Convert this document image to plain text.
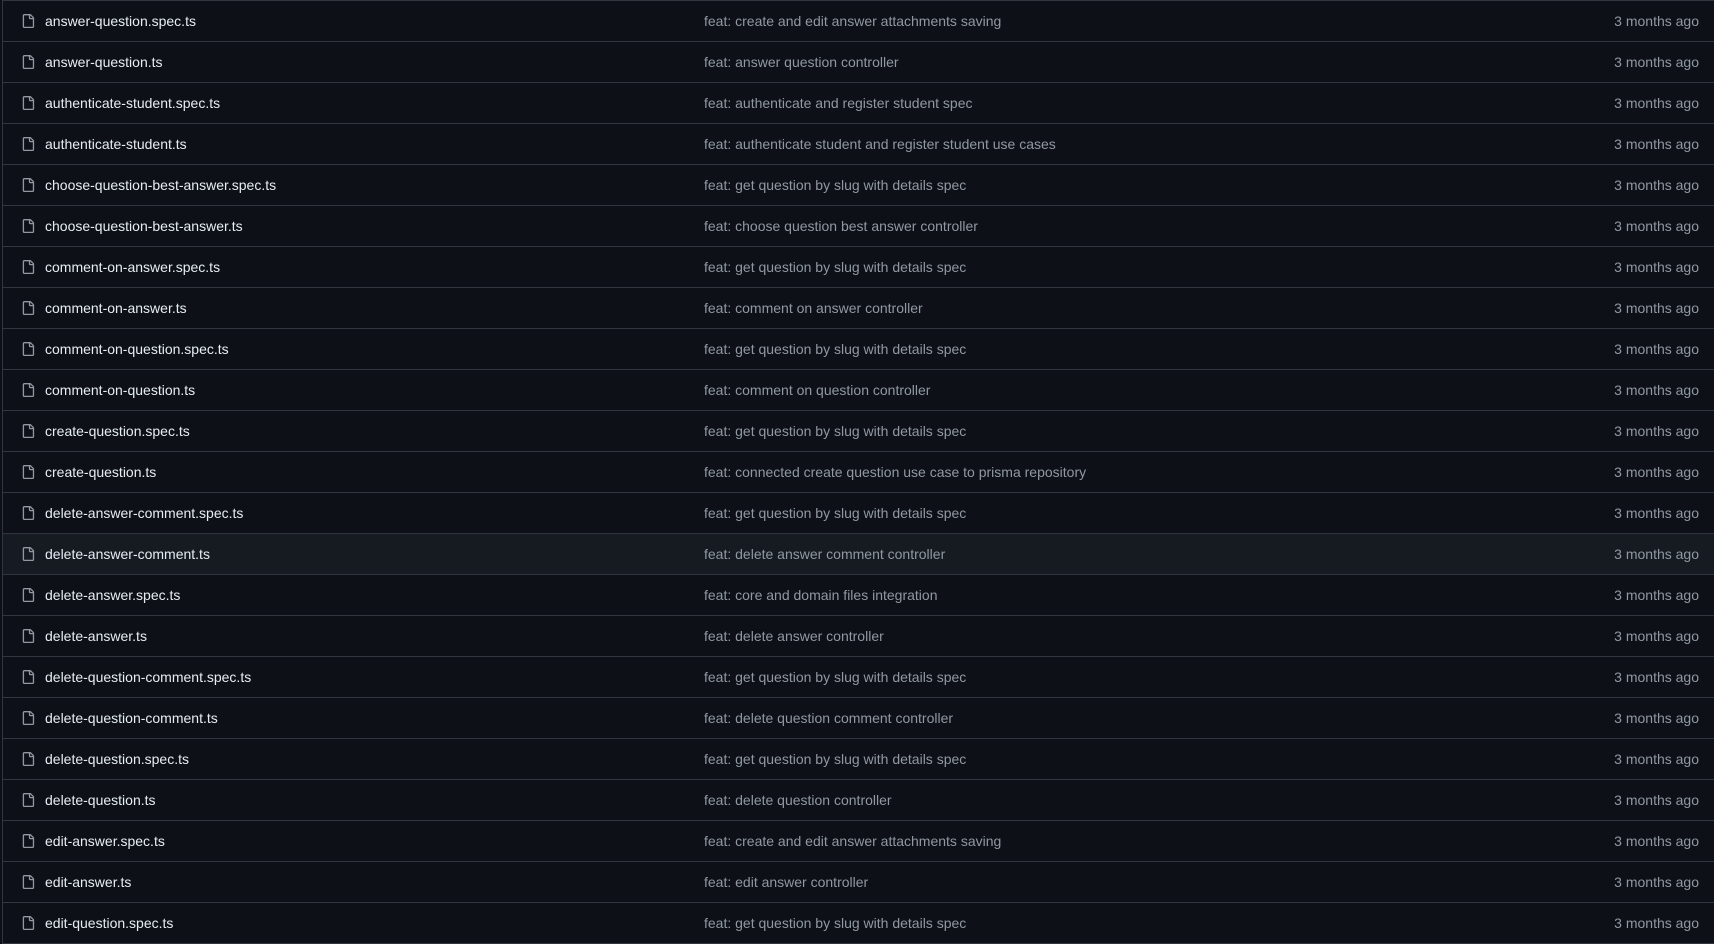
answer-question.spec.ts	feat: create and edit answer attachments saving	3 months ago
answer-question.ts	feat: answer question controller	3 months ago
authenticate-student.spec.ts	feat: authenticate and register student spec	3 months ago
authenticate-student.ts	feat: authenticate student and register student use cases	3 months ago
choose-question-best-answer.spec.ts	feat: get question by slug with details spec	3 months ago
choose-question-best-answer.ts	feat: choose question best answer controller	3 months ago
comment-on-answer.spec.ts	feat: get question by slug with details spec	3 months ago
comment-on-answer.ts	feat: comment on answer controller	3 months ago
comment-on-question.spec.ts	feat: get question by slug with details spec	3 months ago
comment-on-question.ts	feat: comment on question controller	3 months ago
create-question.spec.ts	feat: get question by slug with details spec	3 months ago
create-question.ts	feat: connected create question use case to prisma repository	3 months ago
delete-answer-comment.spec.ts	feat: get question by slug with details spec	3 months ago
delete-answer-comment.ts	feat: delete answer comment controller	3 months ago
delete-answer.spec.ts	feat: core and domain files integration	3 months ago
delete-answer.ts	feat: delete answer controller	3 months ago
delete-question-comment.spec.ts	feat: get question by slug with details spec	3 months ago
delete-question-comment.ts	feat: delete question comment controller	3 months ago
delete-question.spec.ts	feat: get question by slug with details spec	3 months ago
delete-question.ts	feat: delete question controller	3 months ago
edit-answer.spec.ts	feat: create and edit answer attachments saving	3 months ago
edit-answer.ts	feat: edit answer controller	3 months ago
edit-question.spec.ts	feat: get question by slug with details spec	3 months ago
